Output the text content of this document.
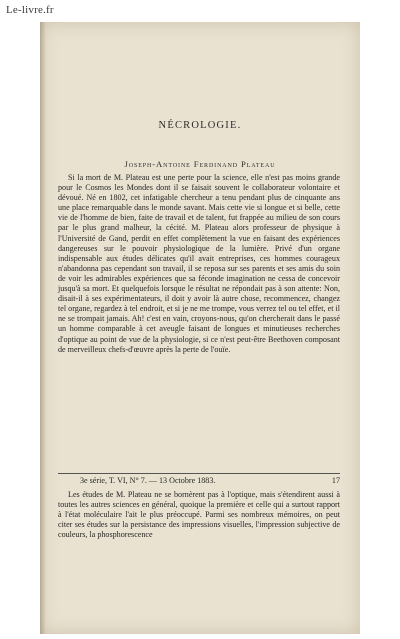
Le-livre.fr
NÉCROLOGIE.
Joseph-Antoine Ferdinand Plateau

Si la mort de M. Plateau est une perte pour la science, elle n'est pas moins grande pour le Cosmos les Mondes dont il se faisait souvent le collaborateur volontaire et dévoué. Né en 1802, cet infatigable chercheur a tenu pendant plus de cinquante ans une place remarquable dans le monde savant. Mais cette vie si longue et si belle, cette vie de l'homme de bien, faite de travail et de talent, fut frappée au milieu de son cours par le plus grand malheur, la cécité. M. Plateau alors professeur de physique à l'Université de Gand, perdit en effet complètement la vue en faisant des expériences dangereuses sur le pouvoir physiologique de la lumière. Privé d'un organe indispensable aux études délicates qu'il avait entreprises, ces hommes courageux n'abandonna pas cependant son travail, il se reposa sur ses parents et ses amis du soin de voir les admirables expériences que sa féconde imagination ne cessa de concevoir jusqu'à sa mort. Et quelquefois lorsque le résultat ne répondait pas à son attente: Non, disait-il à ses expérimentateurs, il doit y avoir là autre chose, recommencez, changez tel organe, regardez à tel endroit, et si je ne me trompe, vous verrez tel ou tel effet, et il ne se trompait jamais. Ah! c'est en vain, croyons-nous, qu'on chercherait dans le passé un homme comparable à cet aveugle faisant de longues et minutieuses recherches d'optique au point de vue de la physiologie, si ce n'est peut-être Beethoven composant de merveilleux chefs-d'œuvre après la perte de l'ouïe.

3e série, T. VI, N° 7. — 13 Octobre 1883.	17

Les études de M. Plateau ne se bornèrent pas à l'optique, mais s'étendirent aussi à toutes les autres sciences en général, quoique la première et celle qui a surtout rapport à l'état moléculaire l'ait le plus préoccupé. Parmi ses nombreux mémoires, on peut citer ses études sur la persistance des impressions visuelles, l'impression subjective de couleurs, la phosphorescence
